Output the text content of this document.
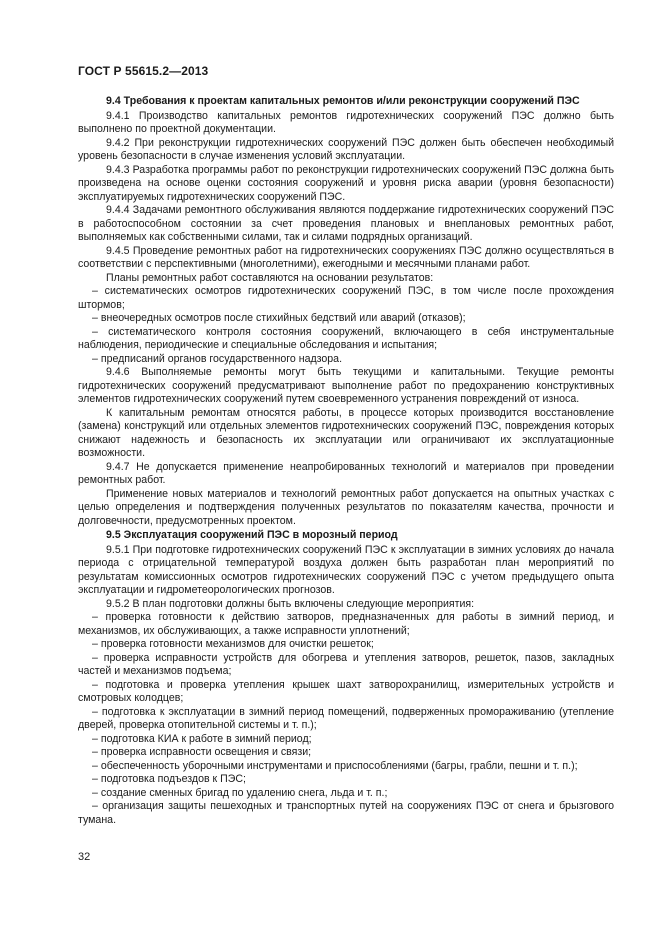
ГОСТ Р 55615.2—2013

9.4 Требования к проектам капитальных ремонтов и/или реконструкции сооружений ПЭС

9.4.1 Производство капитальных ремонтов гидротехнических сооружений ПЭС должно быть выполнено по проектной документации.

9.4.2 При реконструкции гидротехнических сооружений ПЭС должен быть обеспечен необходимый уровень безопасности в случае изменения условий эксплуатации.

9.4.3 Разработка программы работ по реконструкции гидротехнических сооружений ПЭС должна быть произведена на основе оценки состояния сооружений и уровня риска аварии (уровня безопасности) эксплуатируемых гидротехнических сооружений ПЭС.

9.4.4 Задачами ремонтного обслуживания являются поддержание гидротехнических сооружений ПЭС в работоспособном состоянии за счет проведения плановых и внеплановых ремонтных работ, выполняемых как собственными силами, так и силами подрядных организаций.

9.4.5 Проведение ремонтных работ на гидротехнических сооружениях ПЭС должно осуществляться в соответствии с перспективными (многолетними), ежегодными и месячными планами работ.

Планы ремонтных работ составляются на основании результатов:

– систематических осмотров гидротехнических сооружений ПЭС, в том числе после прохождения штормов;

– внеочередных осмотров после стихийных бедствий или аварий (отказов);

– систематического контроля состояния сооружений, включающего в себя инструментальные наблюдения, периодические и специальные обследования и испытания;

– предписаний органов государственного надзора.

9.4.6 Выполняемые ремонты могут быть текущими и капитальными. Текущие ремонты гидротехнических сооружений предусматривают выполнение работ по предохранению конструктивных элементов гидротехнических сооружений путем своевременного устранения повреждений от износа.

К капитальным ремонтам относятся работы, в процессе которых производится восстановление (замена) конструкций или отдельных элементов гидротехнических сооружений ПЭС, повреждения которых снижают надежность и безопасность их эксплуатации или ограничивают их эксплуатационные возможности.

9.4.7 Не допускается применение неапробированных технологий и материалов при проведении ремонтных работ.

Применение новых материалов и технологий ремонтных работ допускается на опытных участках с целью определения и подтверждения полученных результатов по показателям качества, прочности и долговечности, предусмотренных проектом.

9.5 Эксплуатация сооружений ПЭС в морозный период

9.5.1 При подготовке гидротехнических сооружений ПЭС к эксплуатации в зимних условиях до начала периода с отрицательной температурой воздуха должен быть разработан план мероприятий по результатам комиссионных осмотров гидротехнических сооружений ПЭС с учетом предыдущего опыта эксплуатации и гидрометеорологических прогнозов.

9.5.2 В план подготовки должны быть включены следующие мероприятия:

– проверка готовности к действию затворов, предназначенных для работы в зимний период, и механизмов, их обслуживающих, а также исправности уплотнений;

– проверка готовности механизмов для очистки решеток;

– проверка исправности устройств для обогрева и утепления затворов, решеток, пазов, закладных частей и механизмов подъема;

– подготовка и проверка утепления крышек шахт затворохранилищ, измерительных устройств и смотровых колодцев;

– подготовка к эксплуатации в зимний период помещений, подверженных промораживанию (утепление дверей, проверка отопительной системы и т. п.);

– подготовка КИА к работе в зимний период;

– проверка исправности освещения и связи;

– обеспеченность уборочными инструментами и приспособлениями (багры, грабли, пешни и т. п.);

– подготовка подъездов к ПЭС;

– создание сменных бригад по удалению снега, льда и т. п.;

– организация защиты пешеходных и транспортных путей на сооружениях ПЭС от снега и брызгового тумана.

32
